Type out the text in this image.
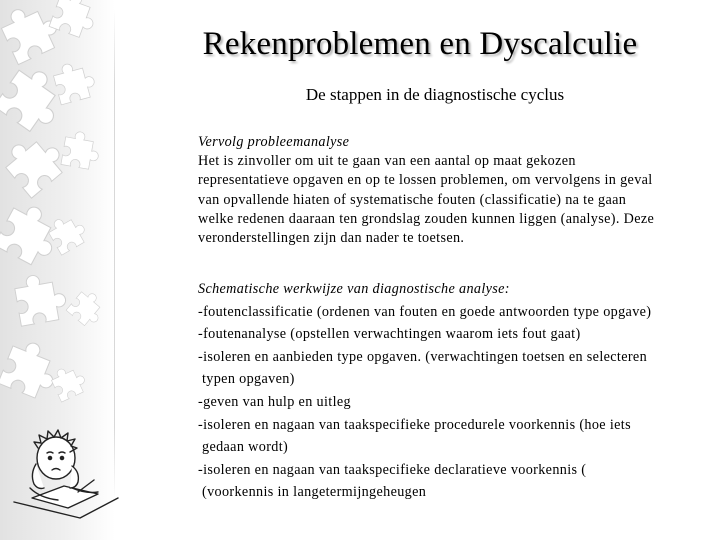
Rekenproblemen en Dyscalculie
De stappen in de diagnostische cyclus
Vervolg probleemanalyse
Het is zinvoller om uit te gaan van een aantal op maat gekozen
representatieve opgaven en op te lossen problemen, om vervolgens in geval
van opvallende hiaten of systematische fouten (classificatie) na te gaan
welke redenen daaraan ten grondslag zouden kunnen liggen (analyse). Deze
veronderstellingen zijn dan nader te toetsen.
Schematische werkwijze van diagnostische analyse:
-foutenclassificatie (ordenen van fouten en goede antwoorden type opgave)
-foutenanalyse (opstellen verwachtingen waarom iets fout gaat)
-isoleren en aanbieden type opgaven. (verwachtingen toetsen en selecteren
typen opgaven)
-geven van hulp en uitleg
-isoleren en nagaan van taakspecifieke procedurele voorkennis (hoe iets
gedaan wordt)
-isoleren en nagaan van taakspecifieke declaratieve voorkennis (
(voorkennis in langetermijngeheugen
